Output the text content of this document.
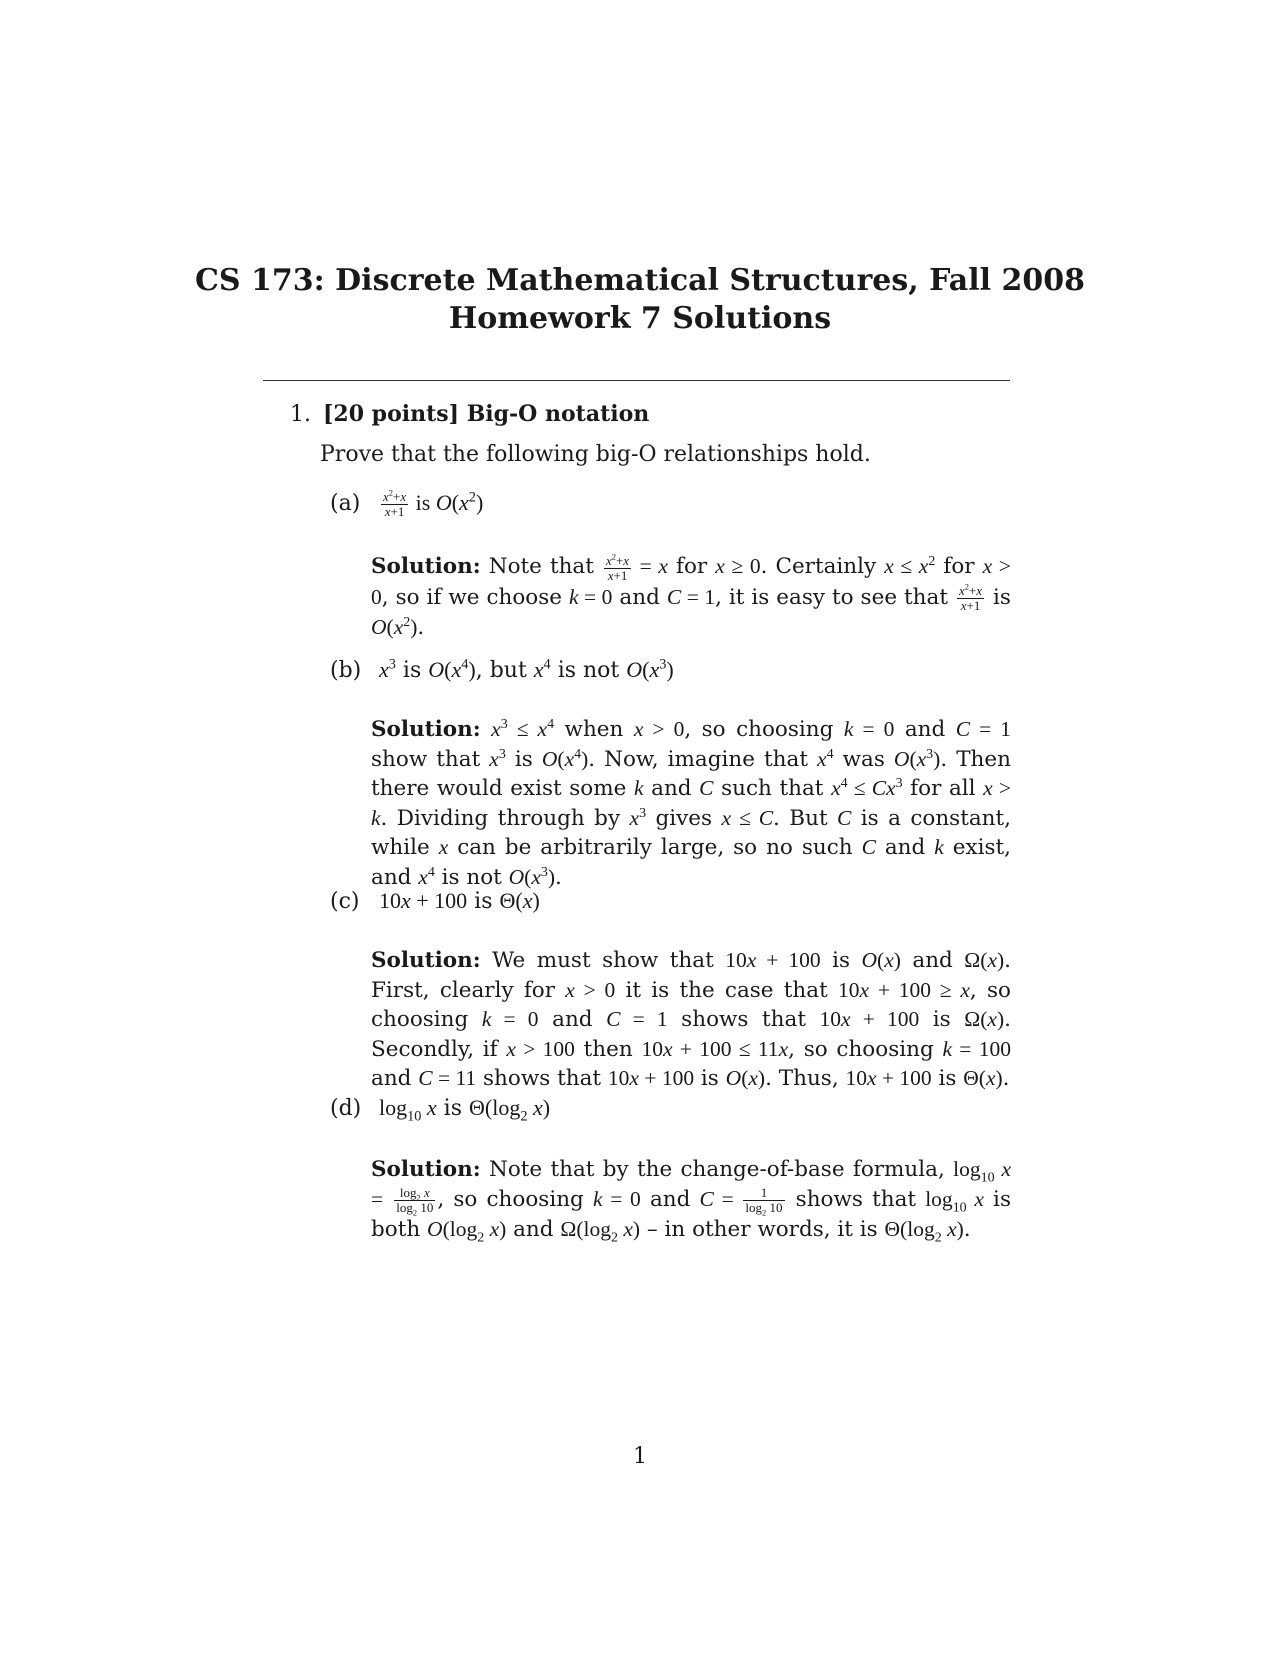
CS 173: Discrete Mathematical Structures, Fall 2008
Homework 7 Solutions
1. [20 points] Big-O notation
Prove that the following big-O relationships hold.
$(a) \frac{x^2+x}{x+1}$ is $O(x^2)$
Solution: Note that $\frac{x^2+x}{x+1} = x$ for x ≥ 0. Certainly $x \le x^2$ for x > 0, so if we choose k = 0 and C = 1, it is easy to see that $\frac{x^2+x}{x+1}$ is $O(x^2)$.
(b) $x^3$ is $O(x^4)$, but $x^4$ is not $O(x^3)$
Solution: $x^3 \le x^4$ when x > 0, so choosing k = 0 and C = 1 show that $x^3$ is $O(x^4)$. Now, imagine that $x^4$ was $O(x^3)$. Then there would exist some k and C such that $x^4 \le Cx^3$ for all x > k. Dividing through by $x^3$ gives x ≤ C. But C is a constant, while x can be arbitrarily large, so no such C and k exist, and $x^4$ is not $O(x^3)$.
(c) 10x + 100 is Θ(x)
Solution: We must show that 10x + 100 is O(x) and Ω(x). First, clearly for x > 0 it is the case that 10x + 100 ≥ x, so choosing k = 0 and C = 1 shows that 10x + 100 is Ω(x). Secondly, if x > 100 then 10x + 100 ≤ 11x, so choosing k = 100 and C = 11 shows that 10x + 100 is O(x). Thus, 10x + 100 is Θ(x).
(d) $\log_{10} x$ is $\Theta(\log_2$ x)
Solution: Note that by the change-of-base formula, $\log_{10} x = \frac{\log_2 x}{\log_2 10}$ , so choosing k = 0 and $C = \frac{1}{\log_2 10}$ shows that $\log_{10} x$ is both $O(\log_2$ x) and $\Omega(\log_2$ x) – in other words, it is $\Theta(\log_2$ x).
1
